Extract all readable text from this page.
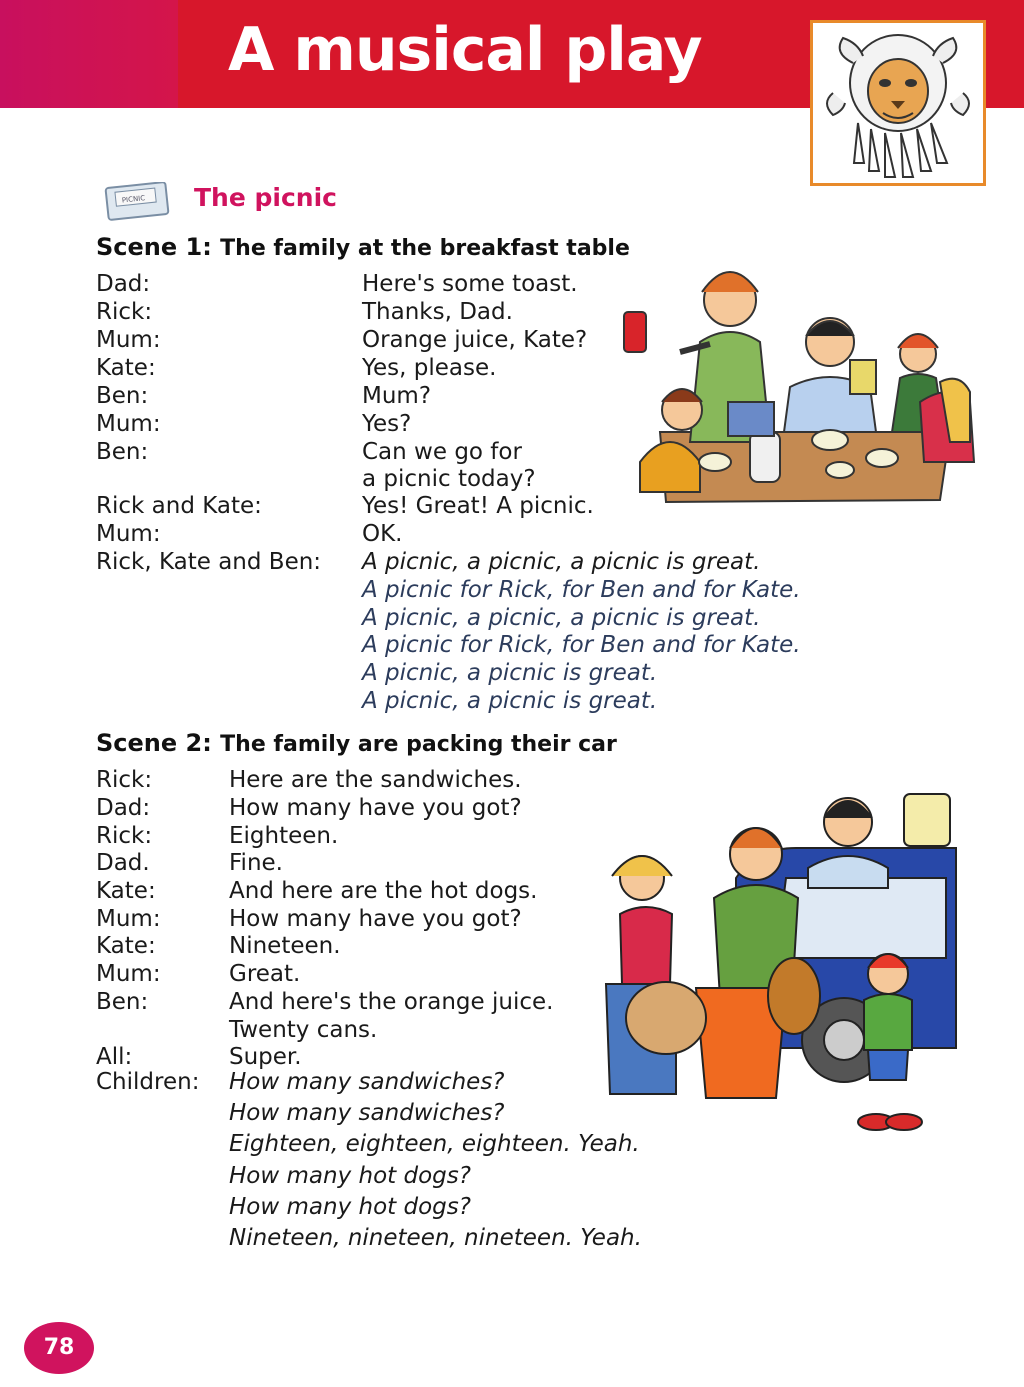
A musical play
PICNIC The picnic
Scene 1: The family at the breakfast table
Dad:	Here's some toast.
Rick:	Thanks, Dad.
Mum:	Orange juice, Kate?
Kate:	Yes, please.
Ben:	Mum?
Mum:	Yes?
Ben:	Can we go for
a picnic today?
Rick and Kate:	Yes! Great! A picnic.
Mum:	OK.
Rick, Kate and Ben: A picnic, a picnic, a picnic is great.
A picnic for Rick, for Ben and for Kate.
A picnic, a picnic, a picnic is great.
A picnic for Rick, for Ben and for Kate.
A picnic, a picnic is great.
A picnic, a picnic is great.
Scene 2: The family are packing their car
Rick:	Here are the sandwiches.
Dad:	How many have you got?
Rick:	Eighteen.
Dad.	Fine.
Kate:	And here are the hot dogs.
Mum:	How many have you got?
Kate:	Nineteen.
Mum:	Great.
Ben:	And here's the orange juice.
Twenty cans.
All:	Super.
Children: How many sandwiches?
How many sandwiches?
Eighteen, eighteen, eighteen. Yeah.
How many hot dogs?
How many hot dogs?
Nineteen, nineteen, nineteen. Yeah.
78
